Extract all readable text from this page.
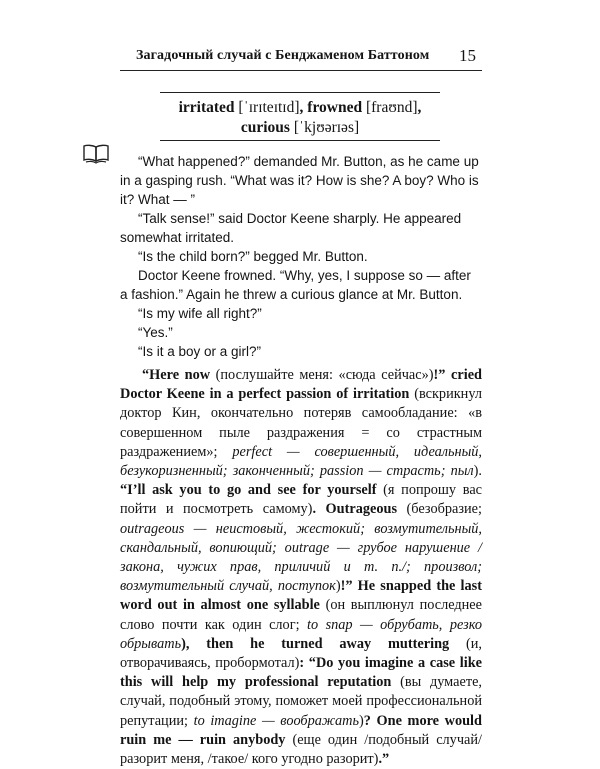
Загадочный случай с Бенджаменом Баттоном 15
irritated [ˈɪrɪteɪtɪd], frowned [fraʊnd],
curious [ˈkjʊərɪəs]

“What happened?” demanded Mr. Button, as he came up in a gasping rush. “What was it? How is she? A boy? Who is it? What — ”

“Talk sense!” said Doctor Keene sharply. He appeared somewhat irritated.

“Is the child born?” begged Mr. Button.

Doctor Keene frowned. “Why, yes, I suppose so — after a fashion.” Again he threw a curious glance at Mr. Button.

“Is my wife all right?”

“Yes.”

“Is it a boy or a girl?”

“Here now (послушайте меня: «сюда сейчас»)!” cried Doctor Keene in a perfect passion of irritation (вскрикнул доктор Кин, окончательно потеряв самообладание: «в совершенном пыле раздражения = со страстным раздражением»; perfect — совершенный, идеальный, безукоризненный; законченный; passion — страсть; пыл). “I’ll ask you to go and see for yourself (я попрошу вас пойти и посмотреть самому). Outrageous (безобразие; outrageous — неистовый, жестокий; возмутительный, скандальный, вопиющий; outrage — грубое нарушение /закона, чужих прав, приличий и т. п./; произвол; возмутительный случай, поступок)!” He snapped the last word out in almost one syllable (он выплюнул последнее слово почти как один слог; to snap — обрубать, резко обрывать), then he turned away muttering (и, отворачиваясь, пробормотал): “Do you imagine a case like this will help my professional reputation (вы думаете, случай, подобный этому, поможет моей профессиональной репутации; to imagine — воображать)? One more would ruin me — ruin anybody (еще один /подобный случай/ разорит меня, /такое/ кого угодно разорит).”
